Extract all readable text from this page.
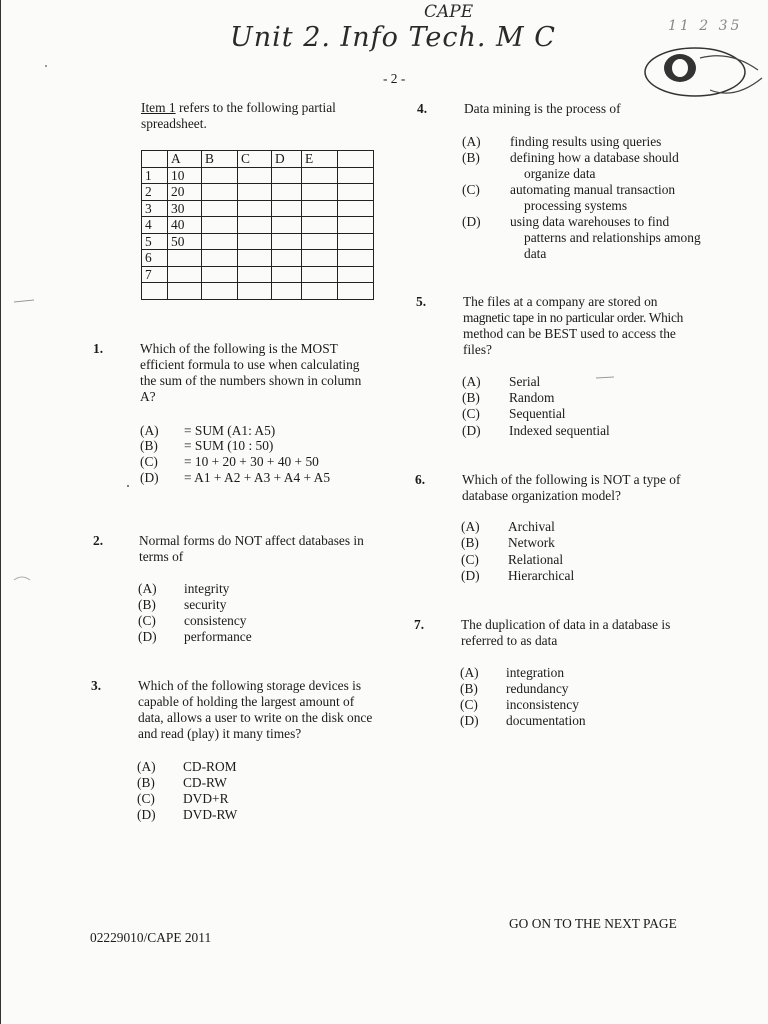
CAPE
Unit 2. Info Tech. M C	11 2 35
- 2 -
Item 1 refers to the following partial
spreadsheet.
	A	B	C	D	E	
1	10					
2	20					
3	30					
4	40					
5	50					
6						
7						

1.	Which of the following is the MOST
efficient formula to use when calculating
the sum of the numbers shown in column
A?
(A) = SUM (A1: A5)
(B) = SUM (10 : 50)
(C) = 10 + 20 + 30 + 40 + 50
(D) = A1 + A2 + A3 + A4 + A5
2.	Normal forms do NOT affect databases in
terms of
(A) integrity
(B) security
(C) consistency
(D) performance
3.	Which of the following storage devices is
capable of holding the largest amount of
data, allows a user to write on the disk once
and read (play) it many times?
(A) CD-ROM
(B) CD-RW
(C) DVD+R
(D) DVD-RW
4.	Data mining is the process of
(A) finding results using queries
(B) defining how a database should
organize data
(C) automating manual transaction
processing systems
(D) using data warehouses to find
patterns and relationships among
data
5.	The files at a company are stored on
magnetic tape in no particular order. Which
method can be BEST used to access the
files?
(A) Serial
(B) Random
(C) Sequential
(D) Indexed sequential
6.	Which of the following is NOT a type of
database organization model?
(A) Archival
(B) Network
(C) Relational
(D) Hierarchical
7.	The duplication of data in a database is
referred to as data
(A) integration
(B) redundancy
(C) inconsistency
(D) documentation
GO ON TO THE NEXT PAGE
02229010/CAPE 2011
